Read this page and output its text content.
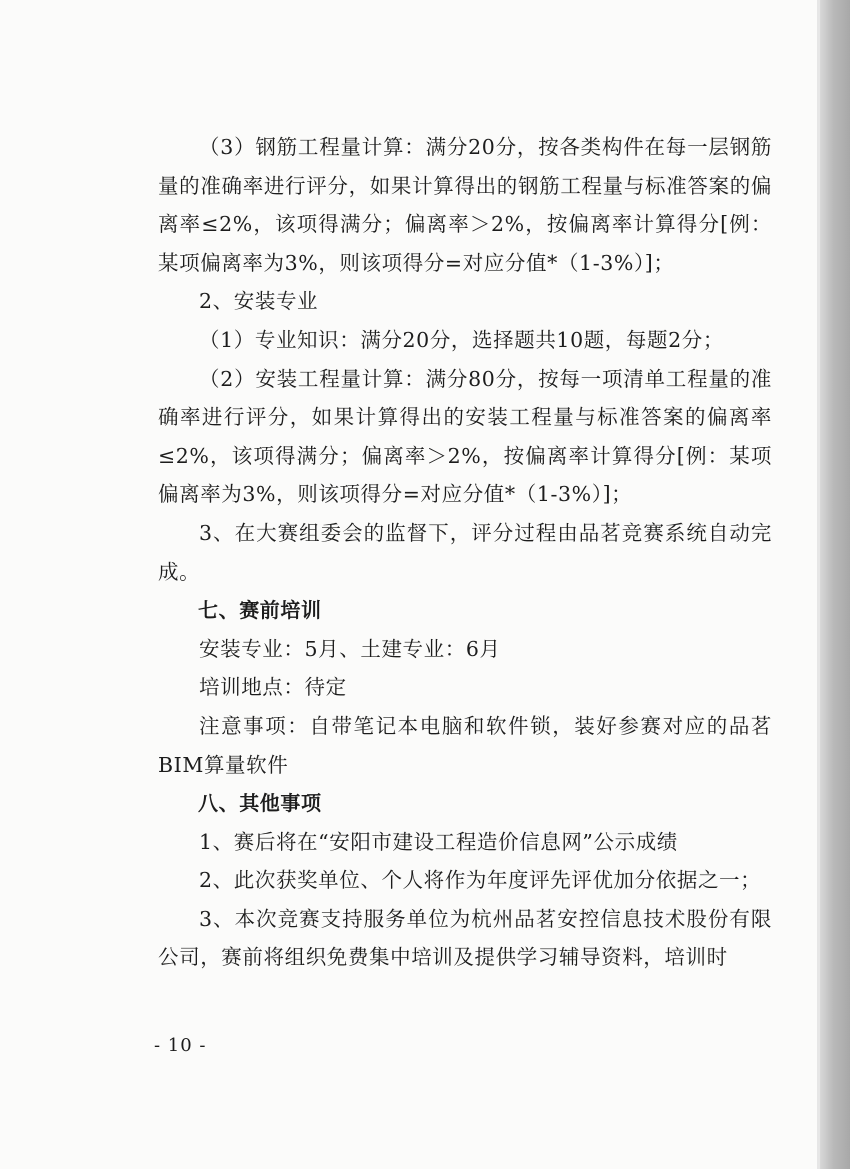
（3）钢筋工程量计算：满分20分，按各类构件在每一层钢筋量的准确率进行评分，如果计算得出的钢筋工程量与标准答案的偏离率≤2%，该项得满分；偏离率＞2%，按偏离率计算得分[例：某项偏离率为3%，则该项得分=对应分值*（1-3%）]；

2、安装专业

（1）专业知识：满分20分，选择题共10题，每题2分；

（2）安装工程量计算：满分80分，按每一项清单工程量的准确率进行评分，如果计算得出的安装工程量与标准答案的偏离率≤2%，该项得满分；偏离率＞2%，按偏离率计算得分[例：某项偏离率为3%，则该项得分=对应分值*（1-3%）]；

3、在大赛组委会的监督下，评分过程由品茗竞赛系统自动完成。

七、赛前培训

安装专业：5月、土建专业：6月

培训地点：待定

注意事项：自带笔记本电脑和软件锁，装好参赛对应的品茗BIM算量软件

八、其他事项

1、赛后将在“安阳市建设工程造价信息网”公示成绩

2、此次获奖单位、个人将作为年度评先评优加分依据之一；

3、本次竞赛支持服务单位为杭州品茗安控信息技术股份有限公司，赛前将组织免费集中培训及提供学习辅导资料，培训时

- 10 -
